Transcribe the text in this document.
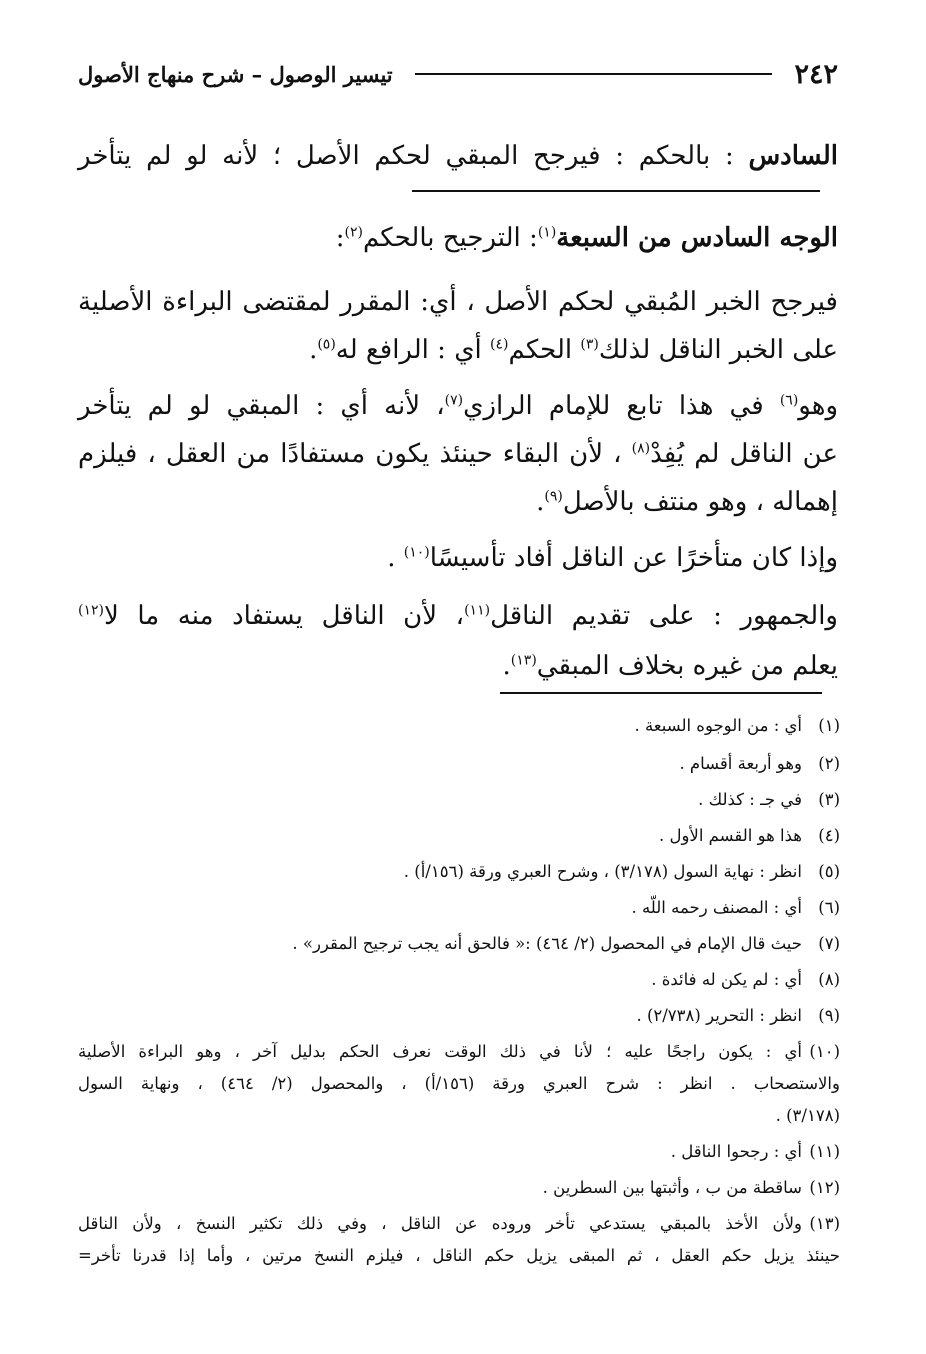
٢٤٢
تيسير الوصول – شرح منهاج الأصول
السادس : بالحكم : فيرجح المبقي لحكم الأصل ؛ لأنه لو لم يتأخر
الوجه السادس من السبعة$^{(١)}$: الترجيح بالحكم$^{(٢)}$:
فيرجح الخبر المُبقي لحكم الأصل ، أي: المقرر لمقتضى البراءة الأصلية
على الخبر الناقل لذلك$^{(٣)}$ الحكم$^{(٤)}$ أي : الرافع له$^{(٥)}$.
وهو$^{(٦)}$ في هذا تابع للإمام الرازي$^{(٧)}$، لأنه أي : المبقي لو لم يتأخر
عن الناقل لم يُفِدْ$^{(٨)}$ ، لأن البقاء حينئذ يكون مستفادًا من العقل ، فيلزم
إهماله ، وهو منتف بالأصل$^{(٩)}$.
وإذا كان متأخرًا عن الناقل أفاد تأسيسًا$^{(١٠)}$ .
والجمهور : على تقديم الناقل$^{(١١)}$، لأن الناقل يستفاد منه ما لا$^{(١٢)}$
يعلم من غيره بخلاف المبقي$^{(١٣)}$.
(١)أي : من الوجوه السبعة .
(٢)وهو أربعة أقسام .
(٣)في جـ : كذلك .
(٤)هذا هو القسم الأول .
(٥)انظر : نهاية السول (٣/١٧٨) ، وشرح العبري ورقة (١٥٦/أ) .
(٦)أي : المصنف رحمه اللّه .
(٧)حيث قال الإمام في المحصول (٢/ ٤٦٤) :« فالحق أنه يجب ترجيح المقرر» .
(٨)أي : لم يكن له فائدة .
(٩)انظر : التحرير (٢/٧٣٨) .
(١٠)أي : يكون راجحًا عليه ؛ لأنا في ذلك الوقت نعرف الحكم بدليل آخر ، وهو البراءة الأصلية
والاستصحاب . انظر : شرح العبري ورقة (١٥٦/أ) ، والمحصول (٢/ ٤٦٤) ، ونهاية السول
(٣/١٧٨) .
(١١)أي : رجحوا الناقل .
(١٢)ساقطة من ب ، وأثبتها بين السطرين .
(١٣)ولأن الأخذ بالمبقي يستدعي تأخر وروده عن الناقل ، وفي ذلك تكثير النسخ ، ولأن الناقل
حينئذ يزيل حكم العقل ، ثم المبقى يزيل حكم الناقل ، فيلزم النسخ مرتين ، وأما إذا قدرنا تأخر=
